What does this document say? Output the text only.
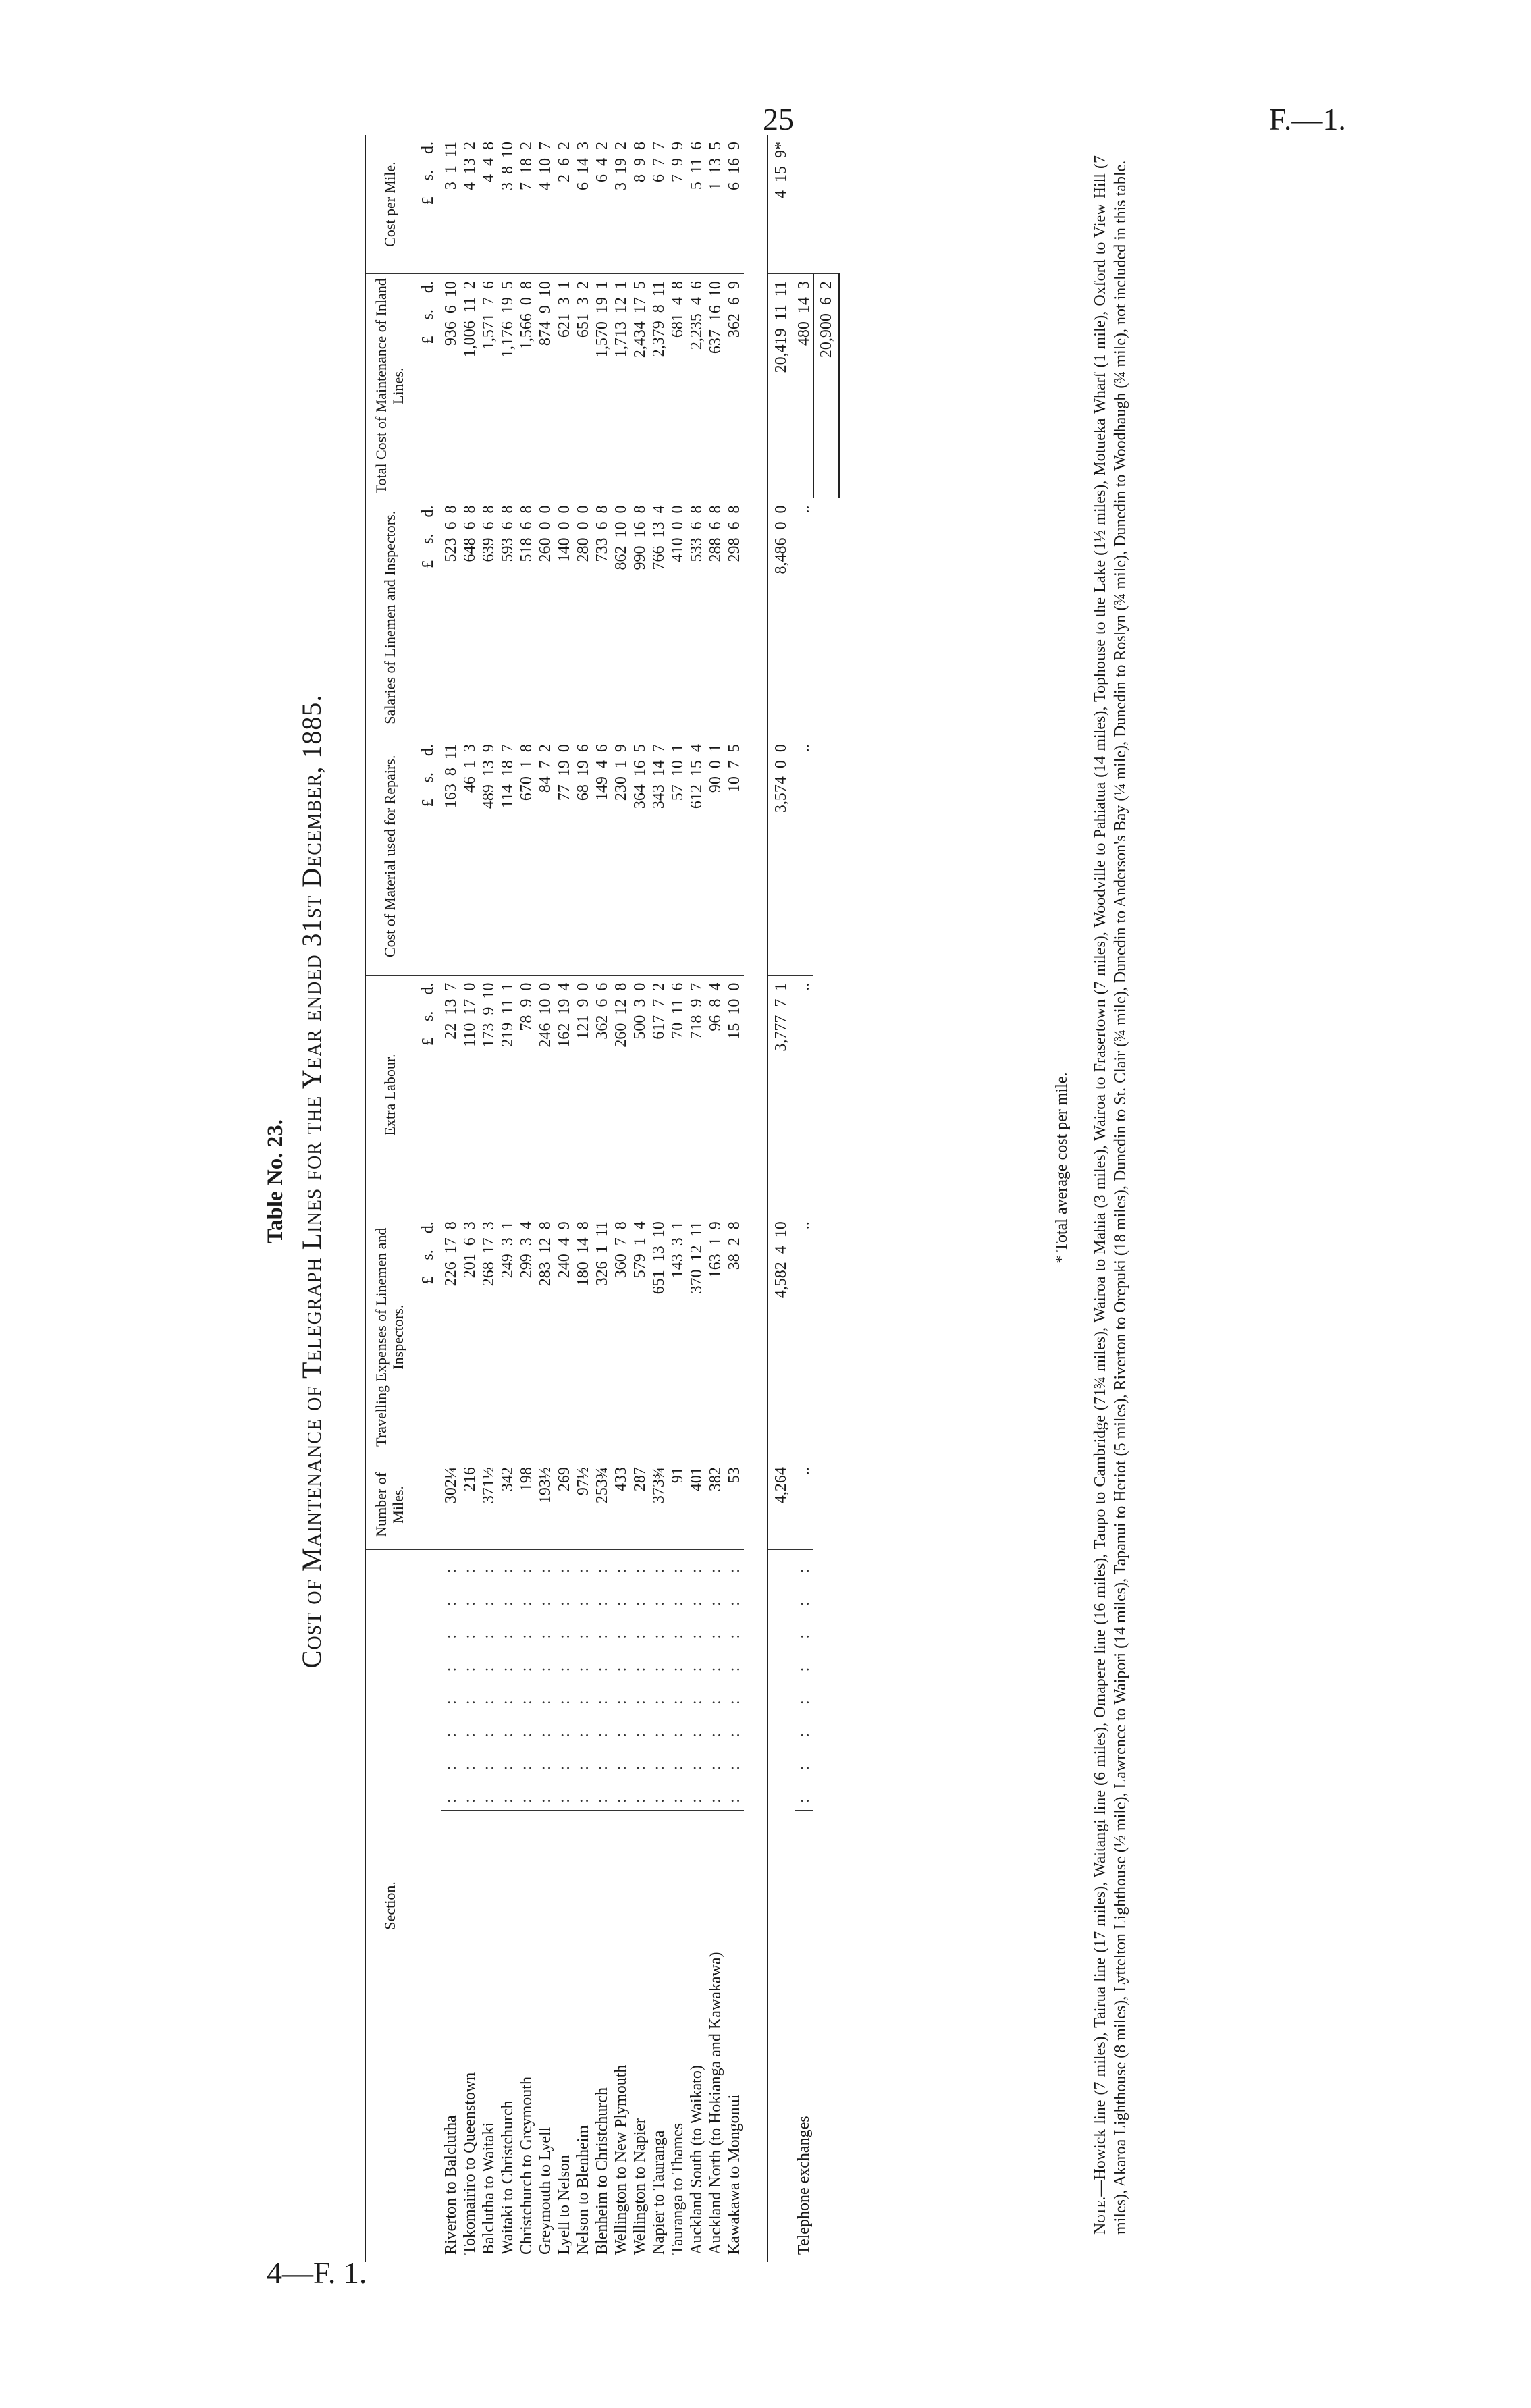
25	F.—1.
4—F. 1.
Table No. 23. Cost of Maintenance of Telegraph Lines for the Year ended 31st December, 1885.
Section.		Number of Miles.	Travelling Expenses of Linemen and Inspectors.	Extra Labour.	Cost of Material used for Repairs.	Salaries of Linemen and Inspectors.	Total Cost of Maintenance of Inland Lines.	Cost per Mile.
			£ s. d.	£ s. d.	£ s. d.	£ s. d.	£ s. d.	£ s. d.
Riverton to Balclutha	: : : : : : : :	302¼	226 17 8	22 13 7	163 8 11	523 6 8	936 6 10	3 1 11
Tokomairiro to Queenstown	: : : : : : : :	216	201 6 3	110 17 0	46 1 3	648 6 8	1,006 11 2	4 13 2
Balclutha to Waitaki	: : : : : : : :	371½	268 17 3	173 9 10	489 13 9	639 6 8	1,571 7 6	4 4 8
Waitaki to Christchurch	: : : : : : : :	342	249 3 1	219 11 1	114 18 7	593 6 8	1,176 19 5	3 8 10
Christchurch to Greymouth	: : : : : : : :	198	299 3 4	78 9 0	670 1 8	518 6 8	1,566 0 8	7 18 2
Greymouth to Lyell	: : : : : : : :	193½	283 12 8	246 10 0	84 7 2	260 0 0	874 9 10	4 10 7
Lyell to Nelson	: : : : : : : :	269	240 4 9	162 19 4	77 19 0	140 0 0	621 3 1	2 6 2
Nelson to Blenheim	: : : : : : : :	97½	180 14 8	121 9 0	68 19 6	280 0 0	651 3 2	6 14 3
Blenheim to Christchurch	: : : : : : : :	253¾	326 1 11	362 6 6	149 4 6	733 6 8	1,570 19 1	6 4 2
Wellington to New Plymouth	: : : : : : : :	433	360 7 8	260 12 8	230 1 9	862 10 0	1,713 12 1	3 19 2
Wellington to Napier	: : : : : : : :	287	579 1 4	500 3 0	364 16 5	990 16 8	2,434 17 5	8 9 8
Napier to Tauranga	: : : : : : : :	373¾	651 13 10	617 7 2	343 14 7	766 13 4	2,379 8 11	6 7 7
Tauranga to Thames	: : : : : : : :	91	143 3 1	70 11 6	57 10 1	410 0 0	681 4 8	7 9 9
Auckland South (to Waikato)	: : : : : : : :	401	370 12 11	718 9 7	612 15 4	533 6 8	2,235 4 6	5 11 6
Auckland North (to Hokianga and Kawakawa)	: : : : : : : :	382	163 1 9	96 8 4	90 0 1	288 6 8	637 16 10	1 13 5
Kawakawa to Mongonui	: : : : : : : :	53	38 2 8	15 10 0	10 7 5	298 6 8	362 6 9	6 16 9

		4,264	4,582 4 10	3,777 7 1	3,574 0 0	8,486 0 0	20,419 11 11	4 15 9*
Telephone exchanges	: : : : : : : :	..	..	..	..	..	480 14 3	
							20,900 6 2	
* Total average cost per mile.
Note.—Howick line (7 miles), Tairua line (17 miles), Waitangi line (6 miles), Omapere line (16 miles), Taupo to Cambridge (71¾ miles), Wairoa to Mahia (3 miles), Wairoa to Frasertown (7 miles), Woodville to Pahiatua (14 miles), Tophouse to the Lake (1½ miles), Motueka Wharf (1 mile), Oxford to View Hill (7 miles), Akaroa Lighthouse (8 miles), Lyttelton Lighthouse (½ mile), Lawrence to Waipori (14 miles), Tapanui to Heriot (5 miles), Riverton to Orepuki (18 miles), Dunedin to St. Clair (¾ mile), Dunedin to Anderson's Bay (¼ mile), Dunedin to Roslyn (¾ mile), Dunedin to Woodhaugh (¾ mile), not included in this table.
